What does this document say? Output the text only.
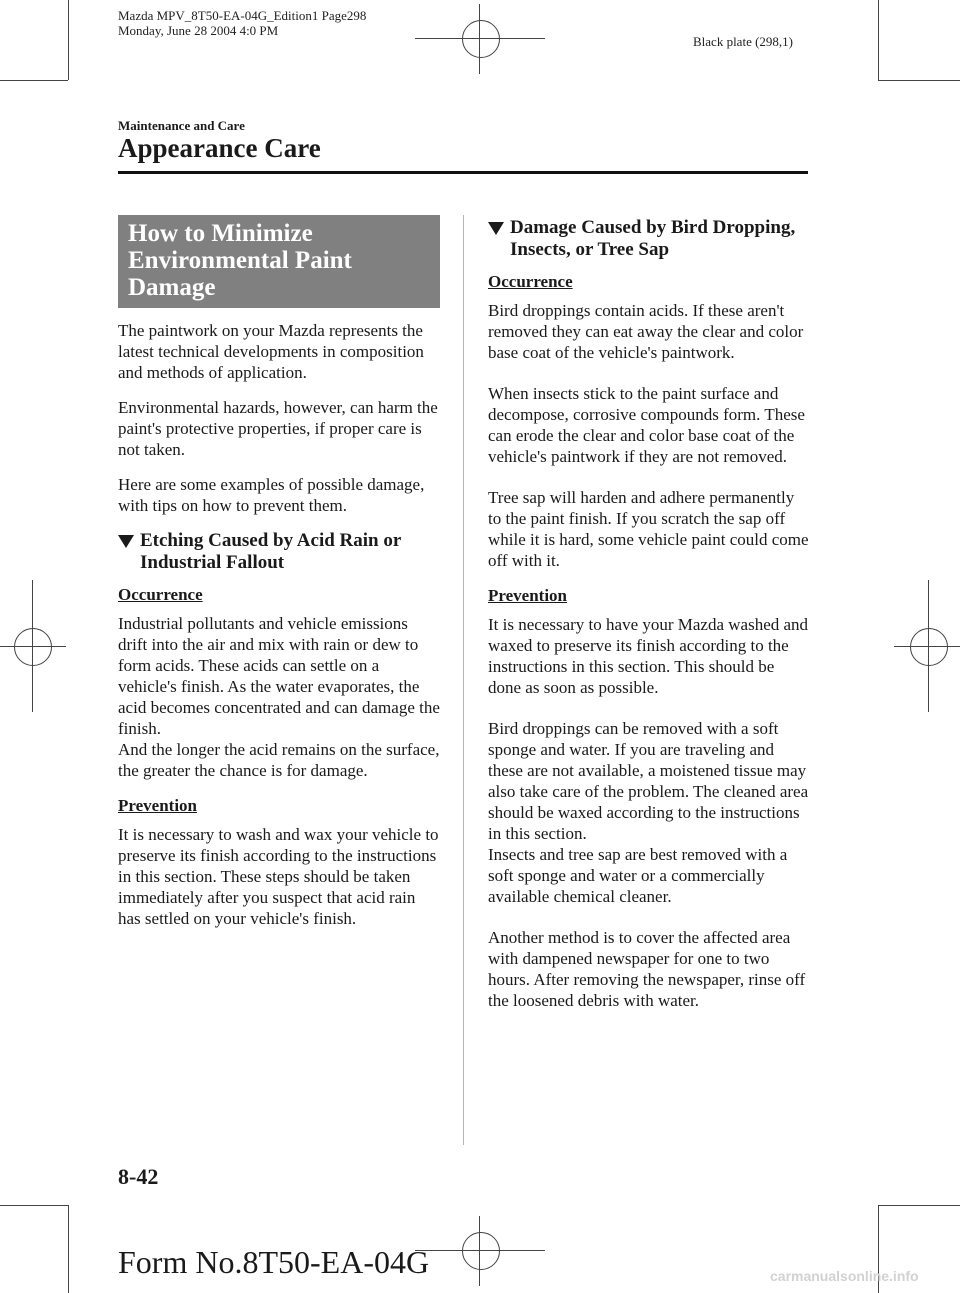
Mazda MPV_8T50-EA-04G_Edition1 Page298
Monday, June 28 2004 4:0 PM
Black plate (298,1)
Maintenance and Care
Appearance Care
How to Minimize Environmental Paint Damage

The paintwork on your Mazda represents the latest technical developments in composition and methods of application.

Environmental hazards, however, can harm the paint's protective properties, if proper care is not taken.

Here are some examples of possible damage, with tips on how to prevent them.

Etching Caused by Acid Rain or Industrial Fallout
Occurrence

Industrial pollutants and vehicle emissions drift into the air and mix with rain or dew to form acids. These acids can settle on a vehicle's finish. As the water evaporates, the acid becomes concentrated and can damage the finish.

And the longer the acid remains on the surface, the greater the chance is for damage.

Prevention

It is necessary to wash and wax your vehicle to preserve its finish according to the instructions in this section. These steps should be taken immediately after you suspect that acid rain has settled on your vehicle's finish.

Damage Caused by Bird Dropping, Insects, or Tree Sap
Occurrence

Bird droppings contain acids. If these aren't removed they can eat away the clear and color base coat of the vehicle's paintwork.

When insects stick to the paint surface and decompose, corrosive compounds form. These can erode the clear and color base coat of the vehicle's paintwork if they are not removed.

Tree sap will harden and adhere permanently to the paint finish. If you scratch the sap off while it is hard, some vehicle paint could come off with it.

Prevention

It is necessary to have your Mazda washed and waxed to preserve its finish according to the instructions in this section. This should be done as soon as possible.

Bird droppings can be removed with a soft sponge and water. If you are traveling and these are not available, a moistened tissue may also take care of the problem. The cleaned area should be waxed according to the instructions in this section.

Insects and tree sap are best removed with a soft sponge and water or a commercially available chemical cleaner.

Another method is to cover the affected area with dampened newspaper for one to two hours. After removing the newspaper, rinse off the loosened debris with water.

8-42
Form No.8T50-EA-04G	carmanualsonline.info
